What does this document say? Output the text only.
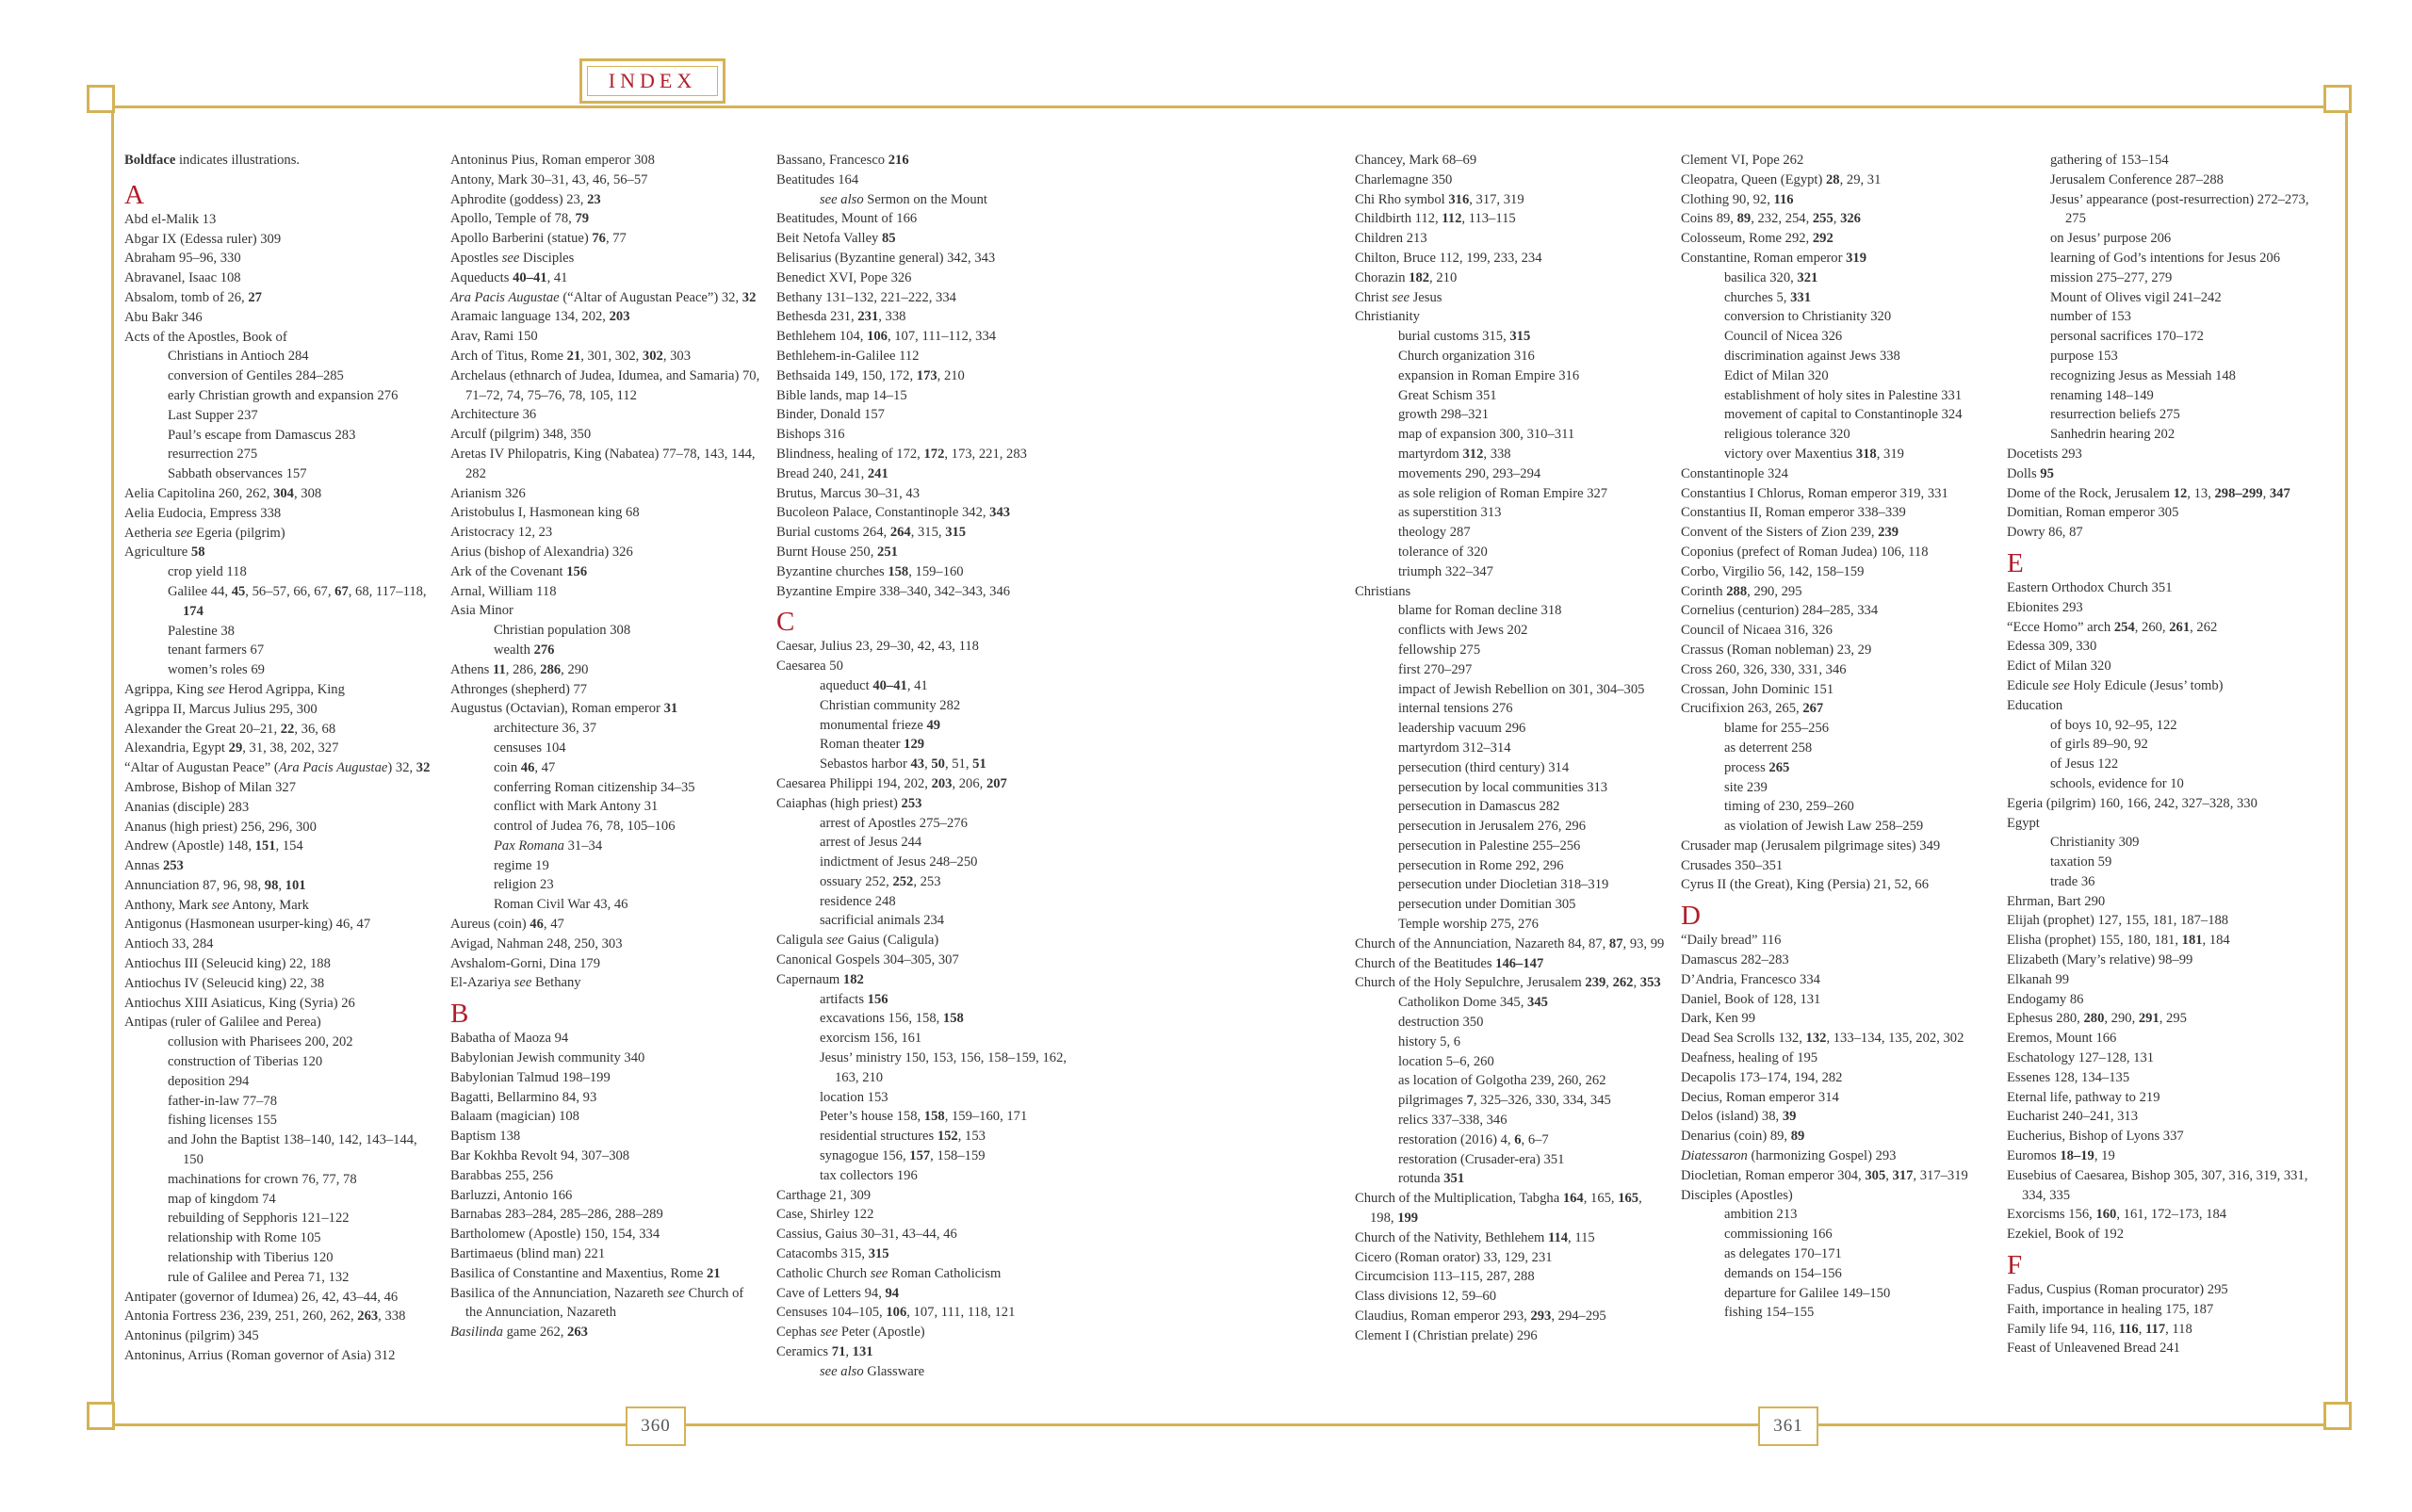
INDEX
360	361
Boldface indicates illustrations.
A
Abd el-Malik 13
Abgar IX (Edessa ruler) 309
Abraham 95–96, 330
Abravanel, Isaac 108
Absalom, tomb of 26, 27
Abu Bakr 346
Acts of the Apostles, Book of
Christians in Antioch 284
conversion of Gentiles 284–285
early Christian growth and expansion 276
Last Supper 237
Paul’s escape from Damascus 283
resurrection 275
Sabbath observances 157
Aelia Capitolina 260, 262, 304, 308
Aelia Eudocia, Empress 338
Aetheria see Egeria (pilgrim)
Agriculture 58
crop yield 118
Galilee 44, 45, 56–57, 66, 67, 67, 68, 117–118, 174
Palestine 38
tenant farmers 67
women’s roles 69
Agrippa, King see Herod Agrippa, King
Agrippa II, Marcus Julius 295, 300
Alexander the Great 20–21, 22, 36, 68
Alexandria, Egypt 29, 31, 38, 202, 327
“Altar of Augustan Peace” (Ara Pacis Augustae) 32, 32
Ambrose, Bishop of Milan 327
Ananias (disciple) 283
Ananus (high priest) 256, 296, 300
Andrew (Apostle) 148, 151, 154
Annas 253
Annunciation 87, 96, 98, 98, 101
Anthony, Mark see Antony, Mark
Antigonus (Hasmonean usurper-king) 46, 47
Antioch 33, 284
Antiochus III (Seleucid king) 22, 188
Antiochus IV (Seleucid king) 22, 38
Antiochus XIII Asiaticus, King (Syria) 26
Antipas (ruler of Galilee and Perea)
collusion with Pharisees 200, 202
construction of Tiberias 120
deposition 294
father-in-law 77–78
fishing licenses 155
and John the Baptist 138–140, 142, 143–144, 150
machinations for crown 76, 77, 78
map of kingdom 74
rebuilding of Sepphoris 121–122
relationship with Rome 105
relationship with Tiberius 120
rule of Galilee and Perea 71, 132
Antipater (governor of Idumea) 26, 42, 43–44, 46
Antonia Fortress 236, 239, 251, 260, 262, 263, 338
Antoninus (pilgrim) 345
Antoninus, Arrius (Roman governor of Asia) 312
Antoninus Pius, Roman emperor 308
Antony, Mark 30–31, 43, 46, 56–57
Aphrodite (goddess) 23, 23
Apollo, Temple of 78, 79
Apollo Barberini (statue) 76, 77
Apostles see Disciples
Aqueducts 40–41, 41
Ara Pacis Augustae (“Altar of Augustan Peace”) 32, 32
Aramaic language 134, 202, 203
Arav, Rami 150
Arch of Titus, Rome 21, 301, 302, 302, 303
Archelaus (ethnarch of Judea, Idumea, and Samaria) 70, 71–72, 74, 75–76, 78, 105, 112
Architecture 36
Arculf (pilgrim) 348, 350
Aretas IV Philopatris, King (Nabatea) 77–78, 143, 144, 282
Arianism 326
Aristobulus I, Hasmonean king 68
Aristocracy 12, 23
Arius (bishop of Alexandria) 326
Ark of the Covenant 156
Arnal, William 118
Asia Minor
Christian population 308
wealth 276
Athens 11, 286, 286, 290
Athronges (shepherd) 77
Augustus (Octavian), Roman emperor 31
architecture 36, 37
censuses 104
coin 46, 47
conferring Roman citizenship 34–35
conflict with Mark Antony 31
control of Judea 76, 78, 105–106
Pax Romana 31–34
regime 19
religion 23
Roman Civil War 43, 46
Aureus (coin) 46, 47
Avigad, Nahman 248, 250, 303
Avshalom-Gorni, Dina 179
El-Azariya see Bethany
B
Babatha of Maoza 94
Babylonian Jewish community 340
Babylonian Talmud 198–199
Bagatti, Bellarmino 84, 93
Balaam (magician) 108
Baptism 138
Bar Kokhba Revolt 94, 307–308
Barabbas 255, 256
Barluzzi, Antonio 166
Barnabas 283–284, 285–286, 288–289
Bartholomew (Apostle) 150, 154, 334
Bartimaeus (blind man) 221
Basilica of Constantine and Maxentius, Rome 21
Basilica of the Annunciation, Nazareth see Church of the Annunciation, Nazareth
Basilinda game 262, 263
Bassano, Francesco 216
Beatitudes 164
see also Sermon on the Mount
Beatitudes, Mount of 166
Beit Netofa Valley 85
Belisarius (Byzantine general) 342, 343
Benedict XVI, Pope 326
Bethany 131–132, 221–222, 334
Bethesda 231, 231, 338
Bethlehem 104, 106, 107, 111–112, 334
Bethlehem-in-Galilee 112
Bethsaida 149, 150, 172, 173, 210
Bible lands, map 14–15
Binder, Donald 157
Bishops 316
Blindness, healing of 172, 172, 173, 221, 283
Bread 240, 241, 241
Brutus, Marcus 30–31, 43
Bucoleon Palace, Constantinople 342, 343
Burial customs 264, 264, 315, 315
Burnt House 250, 251
Byzantine churches 158, 159–160
Byzantine Empire 338–340, 342–343, 346
C
Caesar, Julius 23, 29–30, 42, 43, 118
Caesarea 50
aqueduct 40–41, 41
Christian community 282
monumental frieze 49
Roman theater 129
Sebastos harbor 43, 50, 51, 51
Caesarea Philippi 194, 202, 203, 206, 207
Caiaphas (high priest) 253
arrest of Apostles 275–276
arrest of Jesus 244
indictment of Jesus 248–250
ossuary 252, 252, 253
residence 248
sacrificial animals 234
Caligula see Gaius (Caligula)
Canonical Gospels 304–305, 307
Capernaum 182
artifacts 156
excavations 156, 158, 158
exorcism 156, 161
Jesus’ ministry 150, 153, 156, 158–159, 162, 163, 210
location 153
Peter’s house 158, 158, 159–160, 171
residential structures 152, 153
synagogue 156, 157, 158–159
tax collectors 196
Carthage 21, 309
Case, Shirley 122
Cassius, Gaius 30–31, 43–44, 46
Catacombs 315, 315
Catholic Church see Roman Catholicism
Cave of Letters 94, 94
Censuses 104–105, 106, 107, 111, 118, 121
Cephas see Peter (Apostle)
Ceramics 71, 131
see also Glassware
Chancey, Mark 68–69
Charlemagne 350
Chi Rho symbol 316, 317, 319
Childbirth 112, 112, 113–115
Children 213
Chilton, Bruce 112, 199, 233, 234
Chorazin 182, 210
Christ see Jesus
Christianity
burial customs 315, 315
Church organization 316
expansion in Roman Empire 316
Great Schism 351
growth 298–321
map of expansion 300, 310–311
martyrdom 312, 338
movements 290, 293–294
as sole religion of Roman Empire 327
as superstition 313
theology 287
tolerance of 320
triumph 322–347
Christians
blame for Roman decline 318
conflicts with Jews 202
fellowship 275
first 270–297
impact of Jewish Rebellion on 301, 304–305
internal tensions 276
leadership vacuum 296
martyrdom 312–314
persecution (third century) 314
persecution by local communities 313
persecution in Damascus 282
persecution in Jerusalem 276, 296
persecution in Palestine 255–256
persecution in Rome 292, 296
persecution under Diocletian 318–319
persecution under Domitian 305
Temple worship 275, 276
Church of the Annunciation, Nazareth 84, 87, 87, 93, 99
Church of the Beatitudes 146–147
Church of the Holy Sepulchre, Jerusalem 239, 262, 353
Catholikon Dome 345, 345
destruction 350
history 5, 6
location 5–6, 260
as location of Golgotha 239, 260, 262
pilgrimages 7, 325–326, 330, 334, 345
relics 337–338, 346
restoration (2016) 4, 6, 6–7
restoration (Crusader-era) 351
rotunda 351
Church of the Multiplication, Tabgha 164, 165, 165, 198, 199
Church of the Nativity, Bethlehem 114, 115
Cicero (Roman orator) 33, 129, 231
Circumcision 113–115, 287, 288
Class divisions 12, 59–60
Claudius, Roman emperor 293, 293, 294–295
Clement I (Christian prelate) 296
Clement VI, Pope 262
Cleopatra, Queen (Egypt) 28, 29, 31
Clothing 90, 92, 116
Coins 89, 89, 232, 254, 255, 326
Colosseum, Rome 292, 292
Constantine, Roman emperor 319
basilica 320, 321
churches 5, 331
conversion to Christianity 320
Council of Nicea 326
discrimination against Jews 338
Edict of Milan 320
establishment of holy sites in Palestine 331
movement of capital to Constantinople 324
religious tolerance 320
victory over Maxentius 318, 319
Constantinople 324
Constantius I Chlorus, Roman emperor 319, 331
Constantius II, Roman emperor 338–339
Convent of the Sisters of Zion 239, 239
Coponius (prefect of Roman Judea) 106, 118
Corbo, Virgilio 56, 142, 158–159
Corinth 288, 290, 295
Cornelius (centurion) 284–285, 334
Council of Nicaea 316, 326
Crassus (Roman nobleman) 23, 29
Cross 260, 326, 330, 331, 346
Crossan, John Dominic 151
Crucifixion 263, 265, 267
blame for 255–256
as deterrent 258
process 265
site 239
timing of 230, 259–260
as violation of Jewish Law 258–259
Crusader map (Jerusalem pilgrimage sites) 349
Crusades 350–351
Cyrus II (the Great), King (Persia) 21, 52, 66
D
“Daily bread” 116
Damascus 282–283
D’Andria, Francesco 334
Daniel, Book of 128, 131
Dark, Ken 99
Dead Sea Scrolls 132, 132, 133–134, 135, 202, 302
Deafness, healing of 195
Decapolis 173–174, 194, 282
Decius, Roman emperor 314
Delos (island) 38, 39
Denarius (coin) 89, 89
Diatessaron (harmonizing Gospel) 293
Diocletian, Roman emperor 304, 305, 317, 317–319
Disciples (Apostles)
ambition 213
commissioning 166
as delegates 170–171
demands on 154–156
departure for Galilee 149–150
fishing 154–155
gathering of 153–154
Jerusalem Conference 287–288
Jesus’ appearance (post-resurrection) 272–273, 275
on Jesus’ purpose 206
learning of God’s intentions for Jesus 206
mission 275–277, 279
Mount of Olives vigil 241–242
number of 153
personal sacrifices 170–172
purpose 153
recognizing Jesus as Messiah 148
renaming 148–149
resurrection beliefs 275
Sanhedrin hearing 202
Docetists 293
Dolls 95
Dome of the Rock, Jerusalem 12, 13, 298–299, 347
Domitian, Roman emperor 305
Dowry 86, 87
E
Eastern Orthodox Church 351
Ebionites 293
“Ecce Homo” arch 254, 260, 261, 262
Edessa 309, 330
Edict of Milan 320
Edicule see Holy Edicule (Jesus’ tomb)
Education
of boys 10, 92–95, 122
of girls 89–90, 92
of Jesus 122
schools, evidence for 10
Egeria (pilgrim) 160, 166, 242, 327–328, 330
Egypt
Christianity 309
taxation 59
trade 36
Ehrman, Bart 290
Elijah (prophet) 127, 155, 181, 187–188
Elisha (prophet) 155, 180, 181, 181, 184
Elizabeth (Mary’s relative) 98–99
Elkanah 99
Endogamy 86
Ephesus 280, 280, 290, 291, 295
Eremos, Mount 166
Eschatology 127–128, 131
Essenes 128, 134–135
Eternal life, pathway to 219
Eucharist 240–241, 313
Eucherius, Bishop of Lyons 337
Euromos 18–19, 19
Eusebius of Caesarea, Bishop 305, 307, 316, 319, 331, 334, 335
Exorcisms 156, 160, 161, 172–173, 184
Ezekiel, Book of 192
F
Fadus, Cuspius (Roman procurator) 295
Faith, importance in healing 175, 187
Family life 94, 116, 116, 117, 118
Feast of Unleavened Bread 241
